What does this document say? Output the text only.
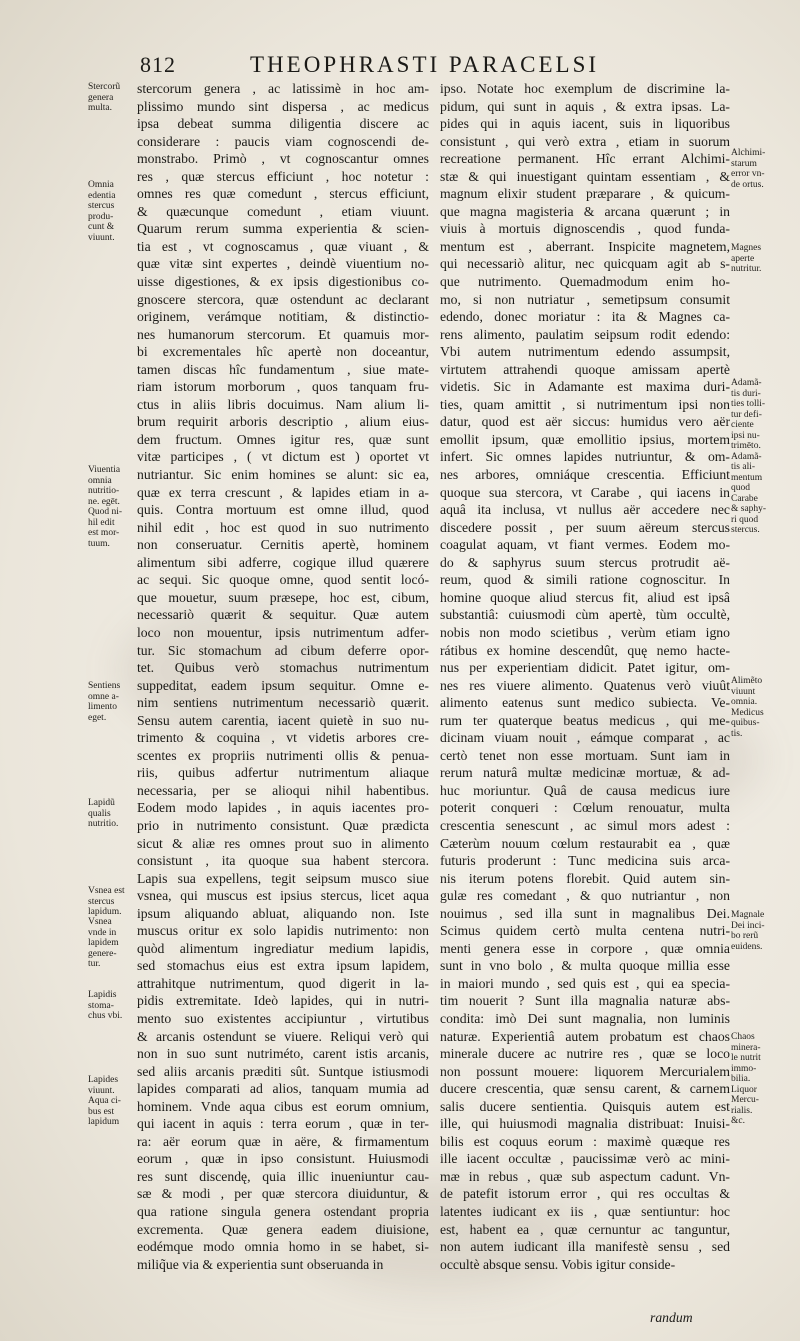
812	THEOPHRASTI PARACELSI
stercorum genera , ac latissimè in hoc am-
plissimo mundo sint dispersa , ac medicus
ipsa debeat summa diligentia discere ac
considerare : paucis viam cognoscendi de-
monstrabo. Primò , vt cognoscantur omnes
res , quæ stercus efficiunt , hoc notetur :
omnes res quæ comedunt , stercus efficiunt,
& quæcunque comedunt , etiam viuunt.
Quarum rerum summa experientia & scien-
tia est , vt cognoscamus , quæ viuant , &
quæ vitæ sint expertes , deindè viuentium no-
uisse digestiones, & ex ipsis digestionibus co-
gnoscere stercora, quæ ostendunt ac declarant
originem, verámque notitiam, & distinctio-
nes humanorum stercorum. Et quamuis mor-
bi excrementales hîc apertè non doceantur,
tamen discas hîc fundamentum , siue mate-
riam istorum morborum , quos tanquam fru-
ctus in aliis libris docuimus. Nam alium li-
brum requirit arboris descriptio , alium eius-
dem fructum. Omnes igitur res, quæ sunt
vitæ participes , ( vt dictum est ) oportet vt
nutriantur. Sic enim homines se alunt: sic ea,
quæ ex terra crescunt , & lapides etiam in a-
quis. Contra mortuum est omne illud, quod
nihil edit , hoc est quod in suo nutrimento
non conseruatur. Cernitis apertè, hominem
alimentum sibi adferre, cogique illud quærere
ac sequi. Sic quoque omne, quod sentit locó-
que mouetur, suum præsepe, hoc est, cibum,
necessariò quærit & sequitur. Quæ autem
loco non mouentur, ipsis nutrimentum adfer-
tur. Sic stomachum ad cibum deferre opor-
tet. Quibus verò stomachus nutrimentum
suppeditat, eadem ipsum sequitur. Omne e-
nim sentiens nutrimentum necessariò quærit.
Sensu autem carentia, iacent quietè in suo nu-
trimento & coquina , vt videtis arbores cre-
scentes ex propriis nutrimenti ollis & penua-
riis, quibus adfertur nutrimentum aliaque
necessaria, per se alioqui nihil habentibus.
Eodem modo lapides , in aquis iacentes pro-
prio in nutrimento consistunt. Quæ prædicta
sicut & aliæ res omnes prout suo in alimento
consistunt , ita quoque sua habent stercora.
Lapis sua expellens, tegit seipsum musco siue
vsnea, qui muscus est ipsius stercus, licet aqua
ipsum aliquando abluat, aliquando non. Iste
muscus oritur ex solo lapidis nutrimento: non
quòd alimentum ingrediatur medium lapidis,
sed stomachus eius est extra ipsum lapidem,
attrahitque nutrimentum, quod digerit in la-
pidis extremitate. Ideò lapides, qui in nutri-
mento suo existentes accipiuntur , virtutibus
& arcanis ostendunt se viuere. Reliqui verò qui
non in suo sunt nutriméto, carent istis arcanis,
sed aliis arcanis præditi sût. Suntque istiusmodi
lapides comparati ad alios, tanquam mumia ad
hominem. Vnde aqua cibus est eorum omnium,
qui iacent in aquis : terra eorum , quæ in ter-
ra: aër eorum quæ in aëre, & firmamentum
eorum , quæ in ipso consistunt. Huiusmodi
res sunt discendę, quia illic inueniuntur cau-
sæ & modi , per quæ stercora diuiduntur, &
qua ratione singula genera ostendant propria
excrementa. Quæ genera eadem diuisione,
eodémque modo omnia homo in se habet, si-
miliq̃ue via & experientia sunt obseruanda in
ipso. Notate hoc exemplum de discrimine la-
pidum, qui sunt in aquis , & extra ipsas. La-
pides qui in aquis iacent, suis in liquoribus
consistunt , qui verò extra , etiam in suorum
recreatione permanent. Hîc errant Alchimi-
stæ & qui inuestigant quintam essentiam , &
magnum elixir student præparare , & quicum-
que magna magisteria & arcana quærunt ; in
viuis à mortuis dignoscendis , quod funda-
mentum est , aberrant. Inspicite magnetem,
qui necessariò alitur, nec quicquam agit ab s-
que nutrimento. Quemadmodum enim ho-
mo, si non nutriatur , semetipsum consumit
edendo, donec moriatur : ita & Magnes ca-
rens alimento, paulatim seipsum rodit edendo:
Vbi autem nutrimentum edendo assumpsit,
virtutem attrahendi quoque amissam apertè
videtis. Sic in Adamante est maxima duri-
ties, quam amittit , si nutrimentum ipsi non
datur, quod est aër siccus: humidus vero aër
emollit ipsum, quæ emollitio ipsius, mortem
infert. Sic omnes lapides nutriuntur, & om-
nes arbores, omniáque crescentia. Efficiunt
quoque sua stercora, vt Carabe , qui iacens in
aquâ ita inclusa, vt nullus aër accedere nec
discedere possit , per suum aëreum stercus
coagulat aquam, vt fiant vermes. Eodem mo-
do & saphyrus suum stercus protrudit aë-
reum, quod & simili ratione cognoscitur. In
homine quoque aliud stercus fit, aliud est ipsâ
substantiâ: cuiusmodi cùm apertè, tùm occultè,
nobis non modo scietibus , verùm etiam igno
rátibus ex homine descendût, quę nemo hacte-
nus per experientiam didicit. Patet igitur, om-
nes res viuere alimento. Quatenus verò viuût
alimento eatenus sunt medico subiecta. Ve-
rum ter quaterque beatus medicus , qui me-
dicinam viuam nouit , eámque comparat , ac
certò tenet non esse mortuam. Sunt iam in
rerum naturâ multæ medicinæ mortuæ, & ad-
huc moriuntur. Quâ de causa medicus iure
poterit conqueri : Cœlum renouatur, multa
crescentia senescunt , ac simul mors adest :
Cæterùm nouum cœlum restaurabit ea , quæ
futuris proderunt : Tunc medicina suis arca-
nis iterum potens florebit. Quid autem sin-
gulæ res comedant , & quo nutriantur , non
nouimus , sed illa sunt in magnalibus Dei.
Scimus quidem certò multa centena nutri-
menti genera esse in corpore , quæ omnia
sunt in vno bolo , & multa quoque millia esse
in maiori mundo , sed quis est , qui ea specia-
tim nouerit ? Sunt illa magnalia naturæ abs-
condita: imò Dei sunt magnalia, non luminis
naturæ. Experientiâ autem probatum est chaos
minerale ducere ac nutrire res , quæ se loco
non possunt mouere: liquorem Mercurialem
ducere crescentia, quæ sensu carent, & carnem
salis ducere sentientia. Quisquis autem est
ille, qui huiusmodi magnalia distribuat: Inuisi-
bilis est coquus eorum : maximè quæque res
ille iacent occultæ , paucissimæ verò ac mini-
mæ in rebus , quæ sub aspectum cadunt. Vn-
de patefit istorum error , qui res occultas &
latentes iudicant ex iis , quæ sentiuntur: hoc
est, habent ea , quæ cernuntur ac tanguntur,
non autem iudicant illa manifestè sensu , sed
occultè absque sensu. Vobis igitur conside-
Stercorũ
genera
multa.
Omnia
edentia
stercus
produ-
cunt &
viuunt.
Viuentia
omnia
nutritio-
ne. egēt.
Quod ni-
hil edit
est mor-
tuum.
Sentiens
omne a-
limento
eget.
Lapidũ
qualis
nutritio.
Vsnea est
stercus
lapidum.
Vsnea
vnde in
lapidem
genere-
tur.
Lapidis
stoma-
chus vbi.
Lapides
viuunt.
Aqua ci-
bus est
lapidum
Alchimi-
starum
error vn-
de ortus.
Magnes
aperte
nutritur.
Adamã-
tis duri-
ties tolli-
tur defi-
ciente
ipsi nu-
trimēto.
Adamã-
tis ali-
mentum
quod
Carabe
& saphy-
ri quod
stercus.
Alimẽto
viuunt
omnia.
Medicus
quibus-
tis.
Magnale
Dei inci-
bo rerũ
euidens.
Chaos
minera-
le nutrit
immo-
bilia.
Liquor
Mercu-
rialis.
&c.
randum
